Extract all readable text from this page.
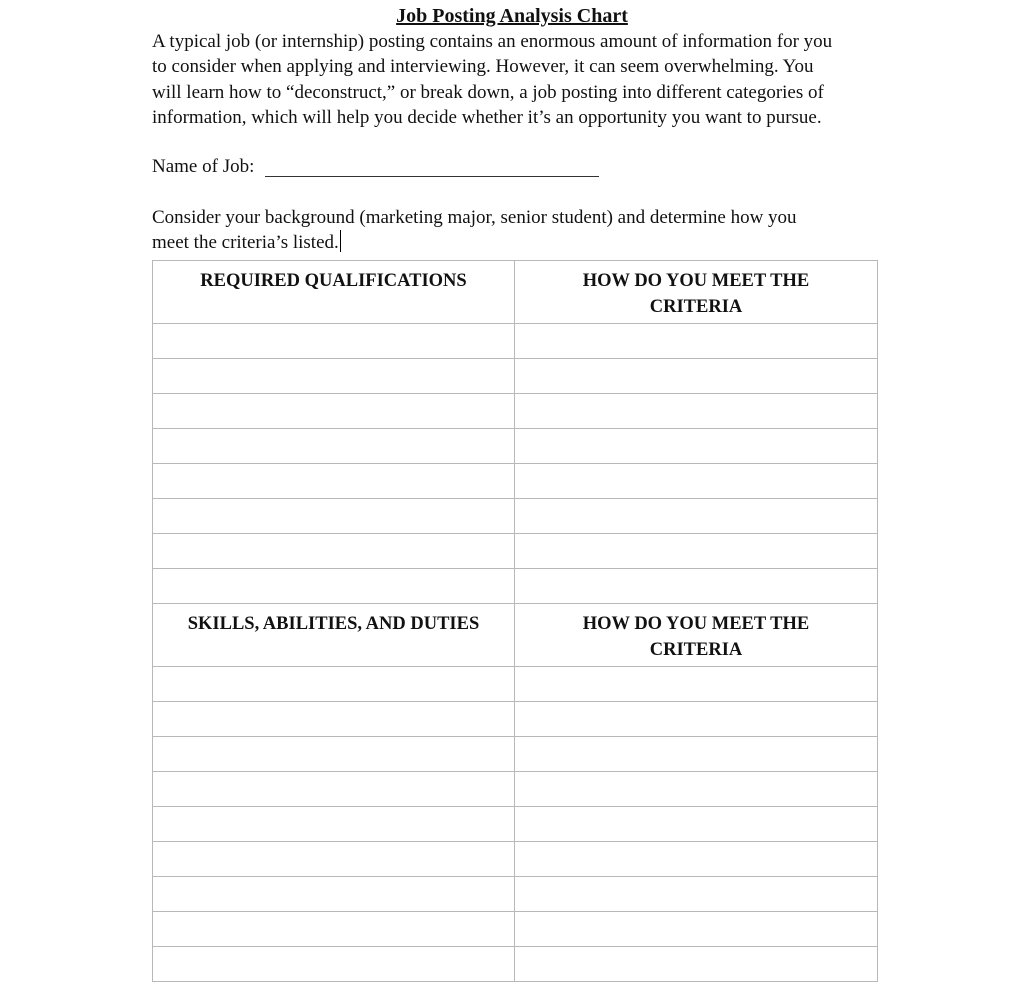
Job Posting Analysis Chart

A typical job (or internship) posting contains an enormous amount of information for you
to consider when applying and interviewing. However, it can seem overwhelming. You
will learn how to “deconstruct,” or break down, a job posting into different categories of
information, which will help you decide whether it’s an opportunity you want to pursue.

Name of Job:
Consider your background (marketing major, senior student) and determine how you
meet the criteria’s listed.
REQUIRED QUALIFICATIONS	HOW DO YOU MEET THE
CRITERIA

SKILLS, ABILITIES, AND DUTIES	HOW DO YOU MEET THE
CRITERIA
